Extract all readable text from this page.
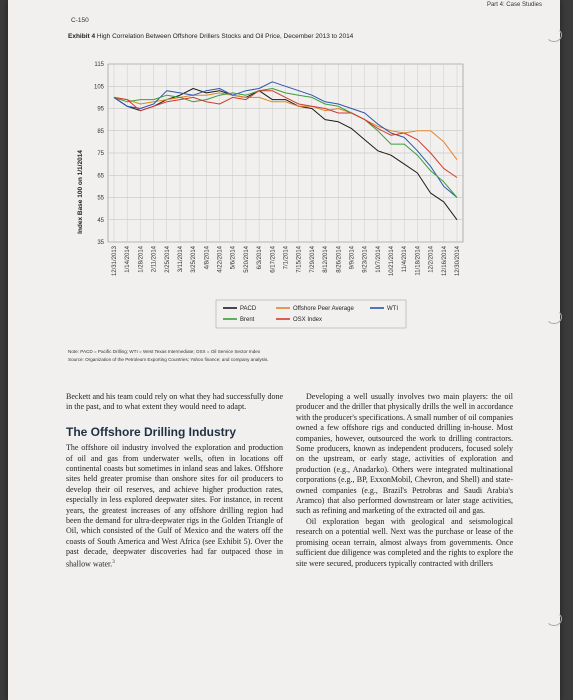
Part 4: Case Studies
C-150
Exhibit 4 High Correlation Between Offshore Drillers Stocks and Oil Price, December 2013 to 2014
35
45
55
65
75
85
95
105
115
12/31/2013 1/14/2014 1/28/2014 2/11/2014 2/25/2014 3/11/2014 3/25/2014 4/8/2014 4/22/2014 5/6/2014 5/20/2014 6/3/2014 6/17/2014 7/1/2014 7/15/2014 7/29/2014 8/12/2014 8/26/2014 9/9/2014 9/23/2014 10/7/2014 10/21/2014 11/4/2014 11/18/2014 12/2/2014 12/16/2014 12/30/2014
Index Base 100 on 1/1/2014
PACD	Offshore Peer Average	WTI
Brent	OSX Index
Note: PACD = Pacific Drilling; WTI = West Texas Intermediate; OSX = Oil Service Sector Index
Source: Organization of the Petroleum Exporting Countries; Yahoo finance; and company analysis.

Beckett and his team could rely on what they had successfully done in the past, and to what extent they would need to adapt.

The Offshore Drilling Industry

The offshore oil industry involved the exploration and production of oil and gas from underwater wells, often in locations off continental coasts but sometimes in inland seas and lakes. Offshore sites held greater promise than onshore sites for oil producers to develop their oil reserves, and achieve higher production rates, especially in less explored deepwater sites. For instance, in recent years, the greatest increases of any offshore drilling region had been the demand for ultra-deepwater rigs in the Golden Triangle of Oil, which consisted of the Gulf of Mexico and the waters off the coasts of South America and West Africa (see Exhibit 5). Over the past decade, deepwater discoveries had far outpaced those in shallow water.$^3$

Developing a well usually involves two main players: the oil producer and the driller that physically drills the well in accordance with the producer's specifications. A small number of oil companies owned a few offshore rigs and conducted drilling in-house. Most companies, however, outsourced the work to drilling contractors. Some producers, known as independent producers, focused solely on the upstream, or early stage, activities of exploration and production (e.g., Anadarko). Others were integrated multinational corporations (e.g., BP, ExxonMobil, Chevron, and Shell) and state-owned companies (e.g., Brazil's Petrobras and Saudi Arabia's Aramco) that also performed downstream or later stage activities, such as refining and marketing of the extracted oil and gas.

Oil exploration began with geological and seismological research on a potential well. Next was the purchase or lease of the promising ocean terrain, almost always from governments. Once sufficient due diligence was completed and the rights to explore the site were secured, producers typically contracted with drillers
